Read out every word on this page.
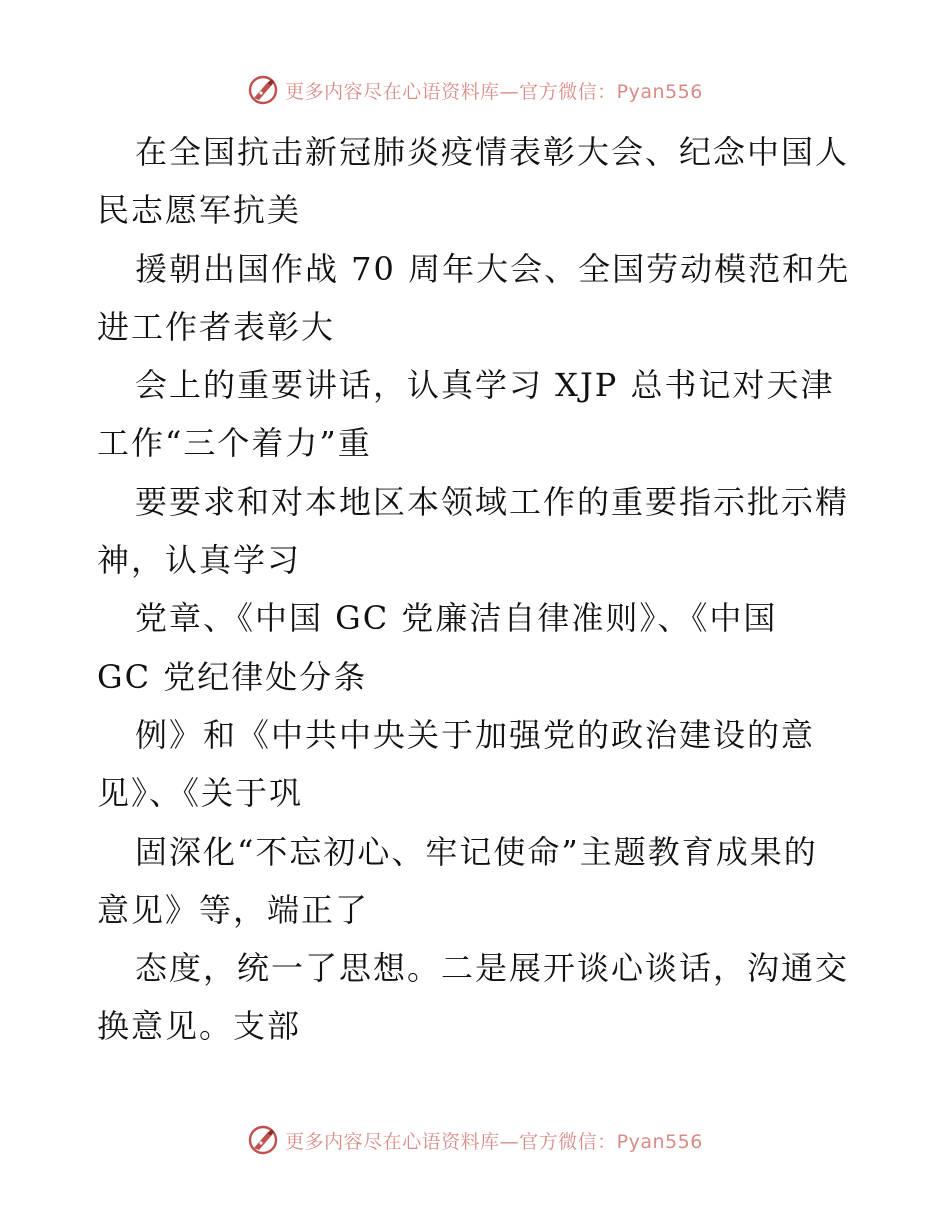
更多内容尽在心语资料库—官方微信：Pyan556
在全国抗击新冠肺炎疫情表彰大会、纪念中国人
民志愿军抗美
援朝出国作战 70 周年大会、全国劳动模范和先
进工作者表彰大
会上的重要讲话，认真学习 XJP 总书记对天津
工作“三个着力”重
要要求和对本地区本领域工作的重要指示批示精
神，认真学习
党章、《中国 GC 党廉洁自律准则》、《中国
GC 党纪律处分条
例》和《中共中央关于加强党的政治建设的意
见》、《关于巩
固深化“不忘初心、牢记使命”主题教育成果的
意见》等，端正了
态度，统一了思想。二是展开谈心谈话，沟通交
换意见。支部
更多内容尽在心语资料库—官方微信：Pyan556
